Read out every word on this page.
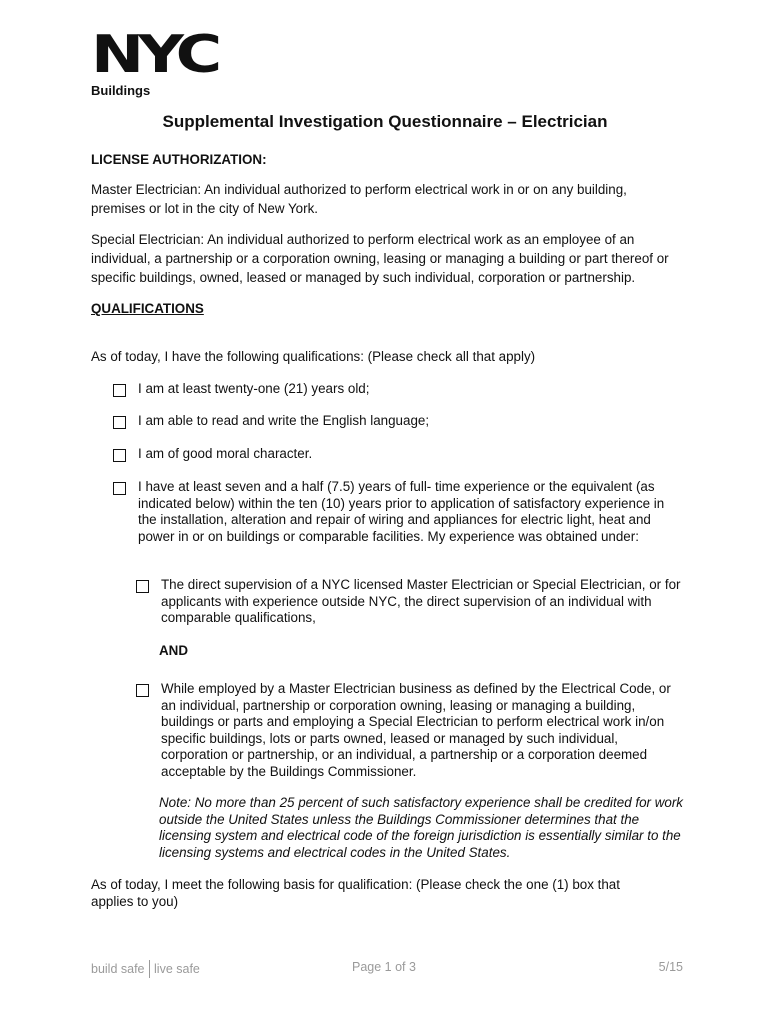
NYC
Buildings
Supplemental Investigation Questionnaire – Electrician
LICENSE AUTHORIZATION:
Master Electrician: An individual authorized to perform electrical work in or on any building, premises or lot in the city of New York.
Special Electrician: An individual authorized to perform electrical work as an employee of an individual, a partnership or a corporation owning, leasing or managing a building or part thereof or specific buildings, owned, leased or managed by such individual, corporation or partnership.
QUALIFICATIONS
As of today, I have the following qualifications: (Please check all that apply)
I am at least twenty-one (21) years old;
I am able to read and write the English language;
I am of good moral character.
I have at least seven and a half (7.5) years of full- time experience or the equivalent (as indicated below) within the ten (10) years prior to application of satisfactory experience in the installation, alteration and repair of wiring and appliances for electric light, heat and power in or on buildings or comparable facilities. My experience was obtained under:
The direct supervision of a NYC licensed Master Electrician or Special Electrician, or for applicants with experience outside NYC, the direct supervision of an individual with comparable qualifications,
AND
While employed by a Master Electrician business as defined by the Electrical Code, or an individual, partnership or corporation owning, leasing or managing a building, buildings or parts and employing a Special Electrician to perform electrical work in/on specific buildings, lots or parts owned, leased or managed by such individual, corporation or partnership, or an individual, a partnership or a corporation deemed acceptable by the Buildings Commissioner.
Note: No more than 25 percent of such satisfactory experience shall be credited for work outside the United States unless the Buildings Commissioner determines that the licensing system and electrical code of the foreign jurisdiction is essentially similar to the licensing systems and electrical codes in the United States.
As of today, I meet the following basis for qualification: (Please check the one (1) box that applies to you)
build safe live safe	Page 1 of 3	5/15
